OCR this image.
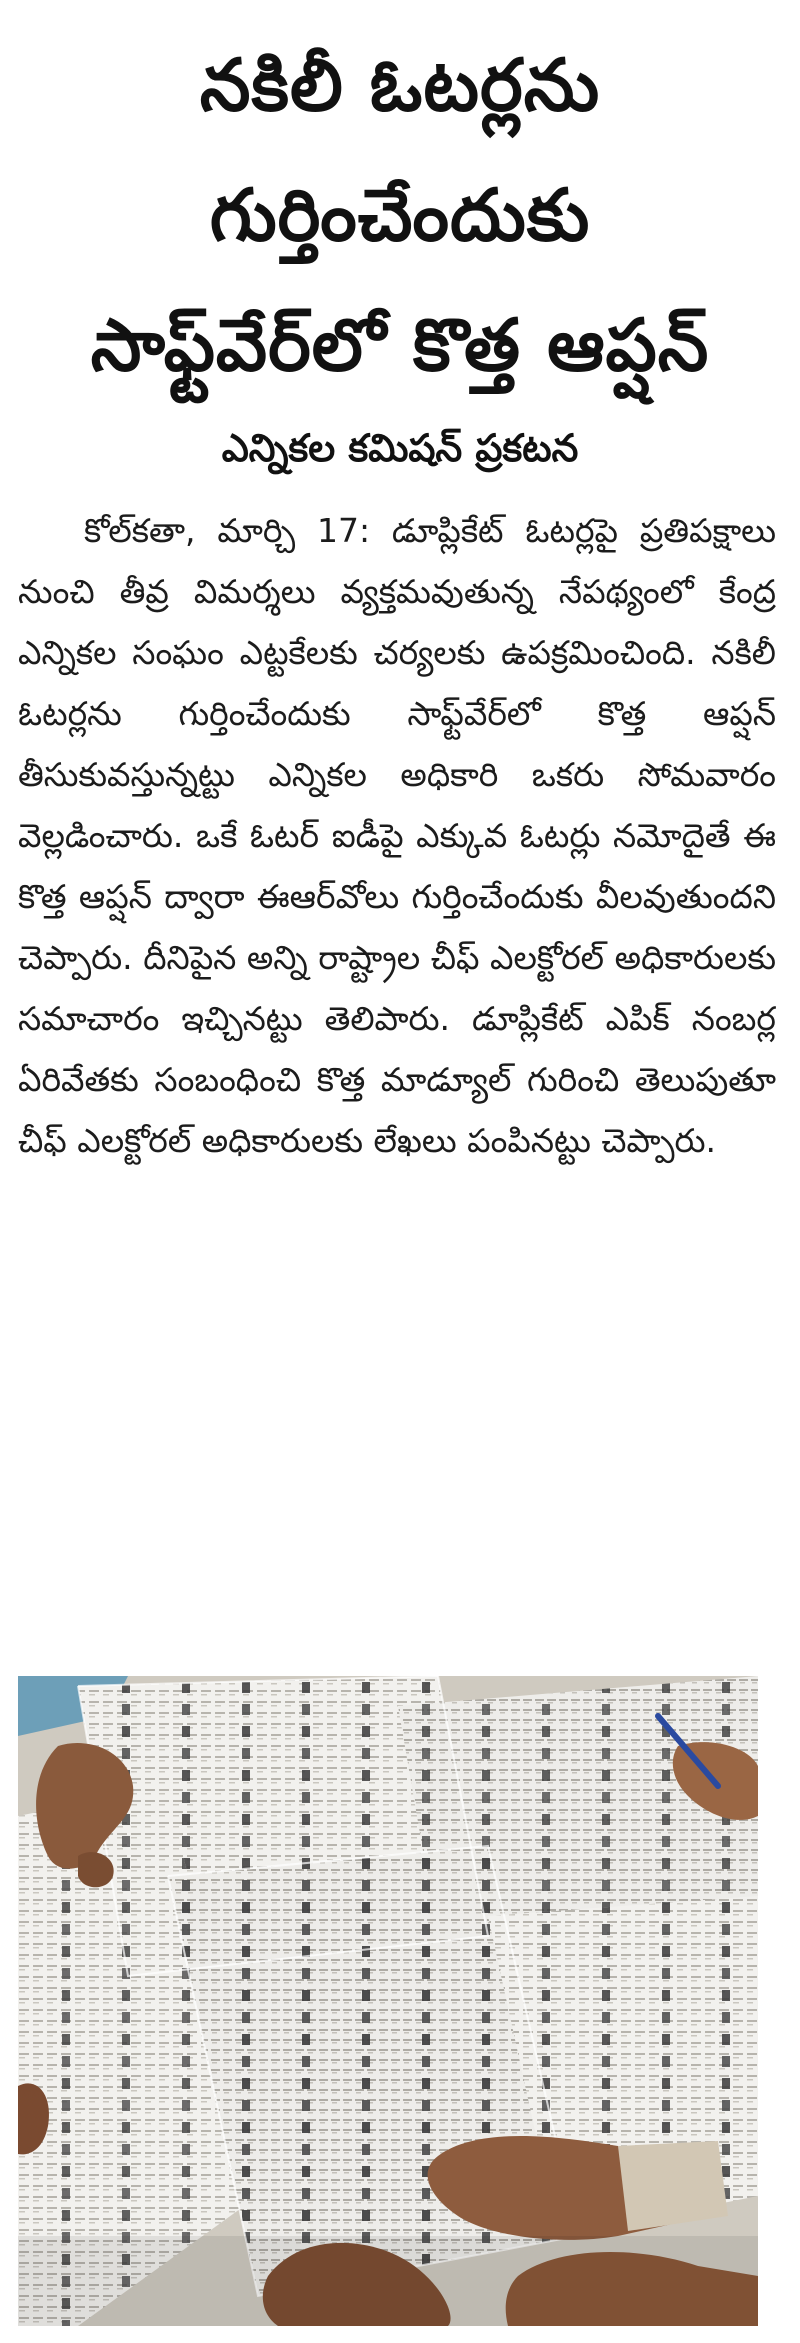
నకిలీ ఓటర్లను
గుర్తించేందుకు
సాఫ్ట్‌వేర్‌లో కొత్త ఆప్షన్
ఎన్నికల కమిషన్ ప్రకటన

కోల్‌కతా, మార్చి 17: డూప్లికేట్ ఓటర్లపై ప్రతిపక్షాలు నుంచి తీవ్ర విమర్శలు వ్యక్తమవుతున్న నేపథ్యంలో కేంద్ర ఎన్నికల సంఘం ఎట్టకేలకు చర్యలకు ఉపక్రమించింది. నకిలీ ఓటర్లను గుర్తించేందుకు సాఫ్ట్‌వేర్‌లో కొత్త ఆప్షన్ తీసుకువస్తున్నట్టు ఎన్నికల అధికారి ఒకరు సోమవారం వెల్లడించారు. ఒకే ఓటర్ ఐడీపై ఎక్కువ ఓటర్లు నమోదైతే ఈ కొత్త ఆప్షన్ ద్వారా ఈఆర్‌వోలు గుర్తించేందుకు వీలవుతుందని చెప్పారు. దీనిపైన అన్ని రాష్ట్రాల చీఫ్ ఎలక్టోరల్ అధికారులకు సమాచారం ఇచ్చినట్టు తెలిపారు. డూప్లికేట్ ఎపిక్ నంబర్ల ఏరివేతకు సంబంధించి కొత్త మాడ్యూల్ గురించి తెలుపుతూ చీఫ్ ఎలక్టోరల్ అధికారులకు లేఖలు పంపినట్టు చెప్పారు.
